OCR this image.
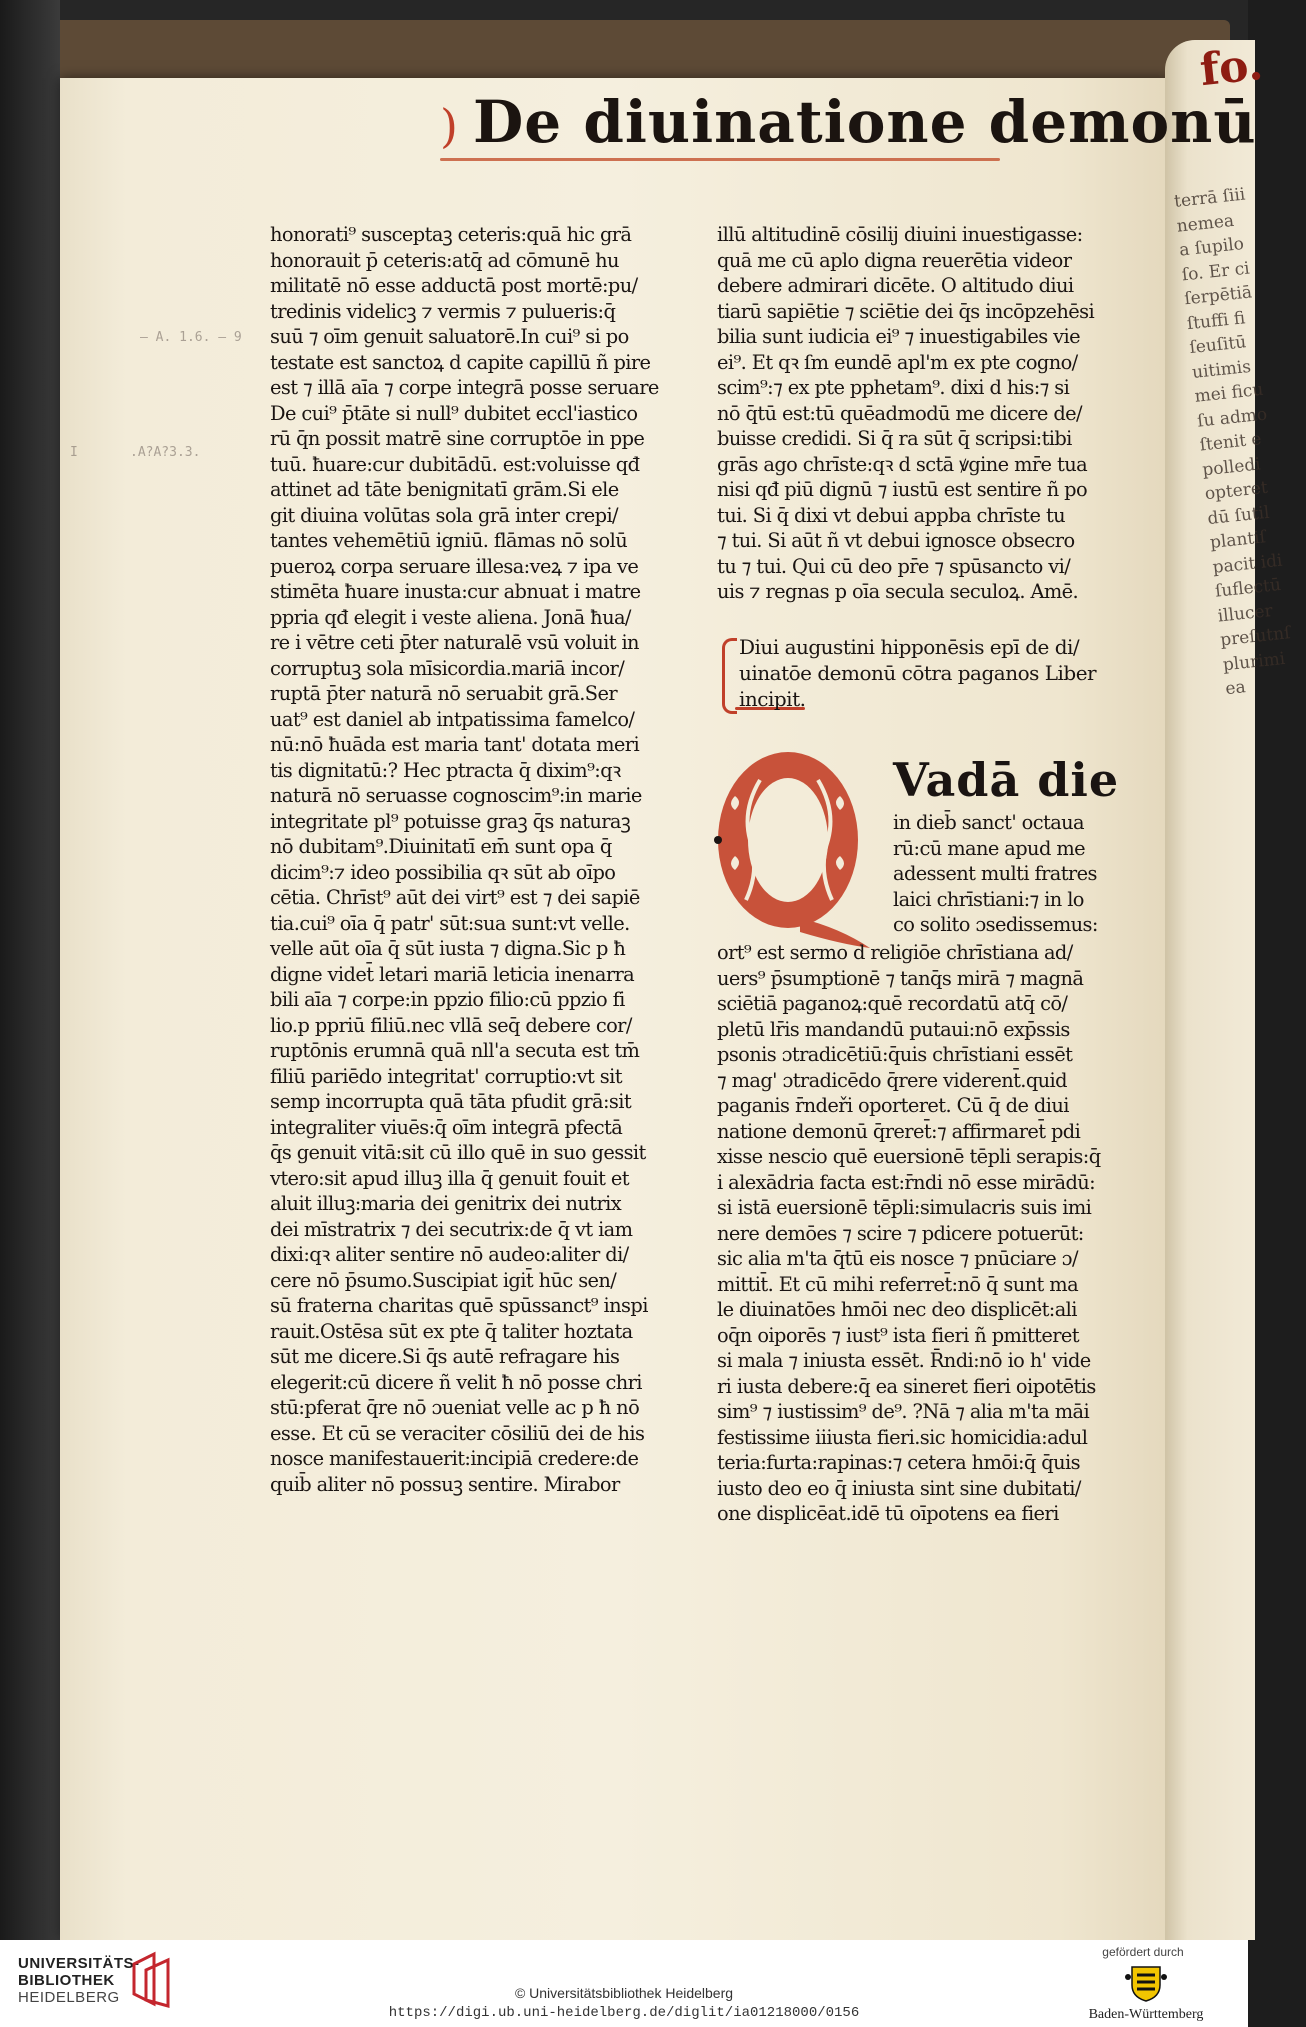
terrā ſiii
nemea
a ſupilo
ſo. Er ci
ſerpētiā
ſtuffi fi
ſeuſitū
uitimis
mei ficu
ſu admo
ſtenit e
polledi
opteret
dū ſutil
plantiſ
pacit idi
ſuflectū
illucer
preſutnſ
plurimi
ea
fo.
) De diuinatione demonū
— A. 1.6. — 9
I	.A?A?3.3.
honorati⁹ susceptaꝫ ceteris:quā hic grā
honorauit p̄ ceteris:atq̄ ad cōmunē hu
militatē nō esse adductā post mortē:pu/
tredinis videlicꝫ ⁊ vermis ⁊ pulueris:q̄
suū ⁊ oīm genuit saluatorē.In cui⁹ si po
testate est sanctoꝝ d capite capillū ñ pire
est ⁊ illā aīa ⁊ corpe integrā posse seruare
De cui⁹ p̄tāte si null⁹ dubitet eccl'iastico
rū q̄n possit matrē sine corruptōe in ppe
tuū. ħuare:cur dubitādū. est:voluisse qđ
attinet ad tāte benignitatī grām.Si ele
git diuina volūtas sola grā inter crepi/
tantes vehemētiū igniū. flāmas nō solū
pueroꝝ corpa seruare illesa:veꝝ ⁊ ipa ve
stimēta ħuare inusta:cur abnuat i matre
ppria qđ elegit i veste aliena. Jonā ħua/
re i vētre ceti p̄ter naturalē vsū voluit in
corruptuꝫ sola mīsicordia.mariā incor/
ruptā p̄ter naturā nō seruabit grā.Ser
uat⁹ est daniel ab intpatissima famelco/
nū:nō ħuāda est maria tant' dotata meri
tis dignitatū:? Hec ptracta q̄ dixim⁹:qꝛ
naturā nō seruasse cognoscim⁹:in marie
integritate pl⁹ potuisse graꝫ q̄s naturaꝫ
nō dubitam⁹.Diuinitatī em̄ sunt opa q̄
dicim⁹:⁊ ideo possibilia qꝛ sūt ab oīpo
cētia. Chrīst⁹ aūt dei virt⁹ est ⁊ dei sapiē
tia.cui⁹ oīa q̄ patr' sūt:sua sunt:vt velle.
velle aūt oīa q̄ sūt iusta ⁊ digna.Sic p ħ
digne videt̄ letari mariā leticia inenarra
bili aīa ⁊ corpe:in ppzio filio:cū ppzio fi
lio.p ppriū filiū.nec vllā seq̄ debere cor/
ruptōnis erumnā quā nll'a secuta est tm̄
filiū pariēdo integritat' corruptio:vt sit
semp incorrupta quā tāta pfudit grā:sit
integraliter viuēs:q̄ oīm integrā pfectā
q̄s genuit vitā:sit cū illo quē in suo gessit
vtero:sit apud illuꝫ illa q̄ genuit fouit et
aluit illuꝫ:maria dei genitrix dei nutrix
dei mīstratrix ⁊ dei secutrix:de q̄ vt iam
dixi:qꝛ aliter sentire nō audeo:aliter di/
cere nō p̄sumo.Suscipiat igit̄ hūc sen/
sū fraterna charitas quē spūssanct⁹ inspi
rauit.Ostēsa sūt ex pte q̄ taliter hoztata
sūt me dicere.Si q̄s autē refragare his
elegerit:cū dicere ñ velit ħ nō posse chri
stū:pferat q̄re nō ɔueniat velle ac p ħ nō
esse. Et cū se veraciter cōsiliū dei de his
nosce manifestauerit:incipiā credere:de
quib̄ aliter nō possuꝫ sentire. Mirabor
illū altitudinē cōsilij diuini inuestigasse:
quā me cū aplo digna reuerētia videor
debere admirari dicēte. O altitudo diui
tiarū sapiētie ⁊ sciētie dei q̄s incōpzehēsi
bilia sunt iudicia ei⁹ ⁊ inuestigabiles vie
ei⁹. Et qꝛ ſm eundē apl'm ex pte cogno/
scim⁹:⁊ ex pte pphetam⁹. dixi d his:⁊ si
nō q̄tū est:tū quēadmodū me dicere de/
buisse credidi. Si q̄ ra sūt q̄ scripsi:tibi
grās ago chrīste:qꝛ d sctā ꝟgine mr̄e tua
nisi qđ piū dignū ⁊ iustū est sentire ñ po
tui. Si q̄ dixi vt debui appba chrīste tu
⁊ tui. Si aūt ñ vt debui ignosce obsecro
tu ⁊ tui. Qui cū deo pr̄e ⁊ spūsancto vi/
uis ⁊ regnas p oīa secula seculoꝝ. Amē.
Diui augustini hipponēsis epī de di/
uinatōe demonū cōtra paganos Liber
incipit.
Vadā die
in dieb̄ sanct' octaua
rū:cū mane apud me
adessent multi fratres
laici chrīstiani:⁊ in lo
co solito ɔsedissemus:
ort⁹ est sermo d religiōe chrīstiana ad/
uers⁹ p̄sumptionē ⁊ tanq̄s mirā ⁊ magnā
sciētiā paganoꝝ:quē recordatū atq̄ cō/
pletū lr̄is mandandū putaui:nō exp̄ssis
psonis ɔtradicētiū:q̄uis chrīstiani essēt
⁊ mag' ɔtradicēdo q̄rere viderent̄.quid
paganis r̄ndeři oporteret. Cū q̄ de diui
natione demonū q̄reret̄:⁊ affirmaret̄ pdi
xisse nescio quē euersionē tēpli serapis:q̄
i alexādria facta est:r̄ndi nō esse mirādū:
si istā euersionē tēpli:simulacris suis imi
nere demōes ⁊ scire ⁊ pdicere potuerūt:
sic alia m'ta q̄tū eis nosce ⁊ pnūciare ɔ/
mittit̄. Et cū mihi referret̄:nō q̄ sunt ma
le diuinatōes hmōi nec deo displicēt:ali
oq̄n oiporēs ⁊ iust⁹ ista fieri ñ pmitteret
si mala ⁊ iniusta essēt. R̄ndi:nō io h' vide
ri iusta debere:q̄ ea sineret fieri oipotētis
sim⁹ ⁊ iustissim⁹ de⁹. ?Nā ⁊ alia m'ta māi
festissime iiiusta fieri.sic homicidia:adul
teria:furta:rapinas:⁊ cetera hmōi:q̄ q̄uis
iusto deo eo q̄ iniusta sint sine dubitati/
one displicēat.idē tū oīpotens ea fieri
UNIVERSITÄTS-
BIBLIOTHEK
HEIDELBERG	© Universitätsbibliothek Heidelberg
https://digi.ub.uni-heidelberg.de/diglit/ia01218000/0156
gefördert durch
Baden-Württemberg
